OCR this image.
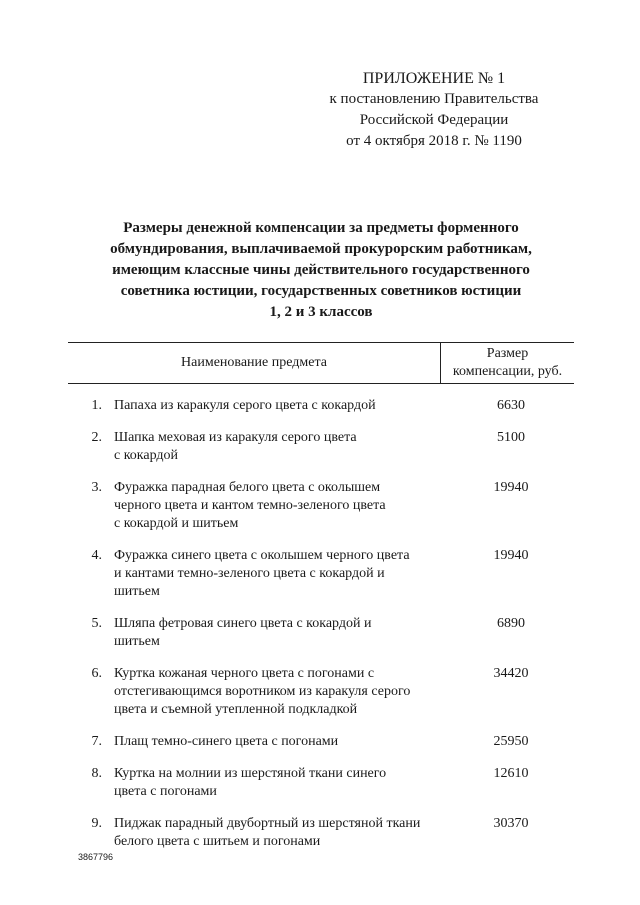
ПРИЛОЖЕНИЕ № 1
к постановлению Правительства
Российской Федерации
от 4 октября 2018 г. № 1190
Размеры денежной компенсации за предметы форменного
обмундирования, выплачиваемой прокурорским работникам,
имеющим классные чины действительного государственного
советника юстиции, государственных советников юстиции
1, 2 и 3 классов
Наименование предмета
Размер
компенсации, руб.
1. Папаха из каракуля серого цвета с кокардой	6630
2. Шапка меховая из каракуля серого цвета
с кокардой
5100
3. Фуражка парадная белого цвета с околышем
черного цвета и кантом темно-зеленого цвета
с кокардой и шитьем
19940
4. Фуражка синего цвета с околышем черного цвета
и кантами темно-зеленого цвета с кокардой и
шитьем
19940
5. Шляпа фетровая синего цвета с кокардой и
шитьем
6890
6. Куртка кожаная черного цвета с погонами с
отстегивающимся воротником из каракуля серого
цвета и съемной утепленной подкладкой
34420
7. Плащ темно-синего цвета с погонами	25950
8. Куртка на молнии из шерстяной ткани синего
цвета с погонами
12610
9. Пиджак парадный двубортный из шерстяной ткани
белого цвета с шитьем и погонами
30370
3867796
